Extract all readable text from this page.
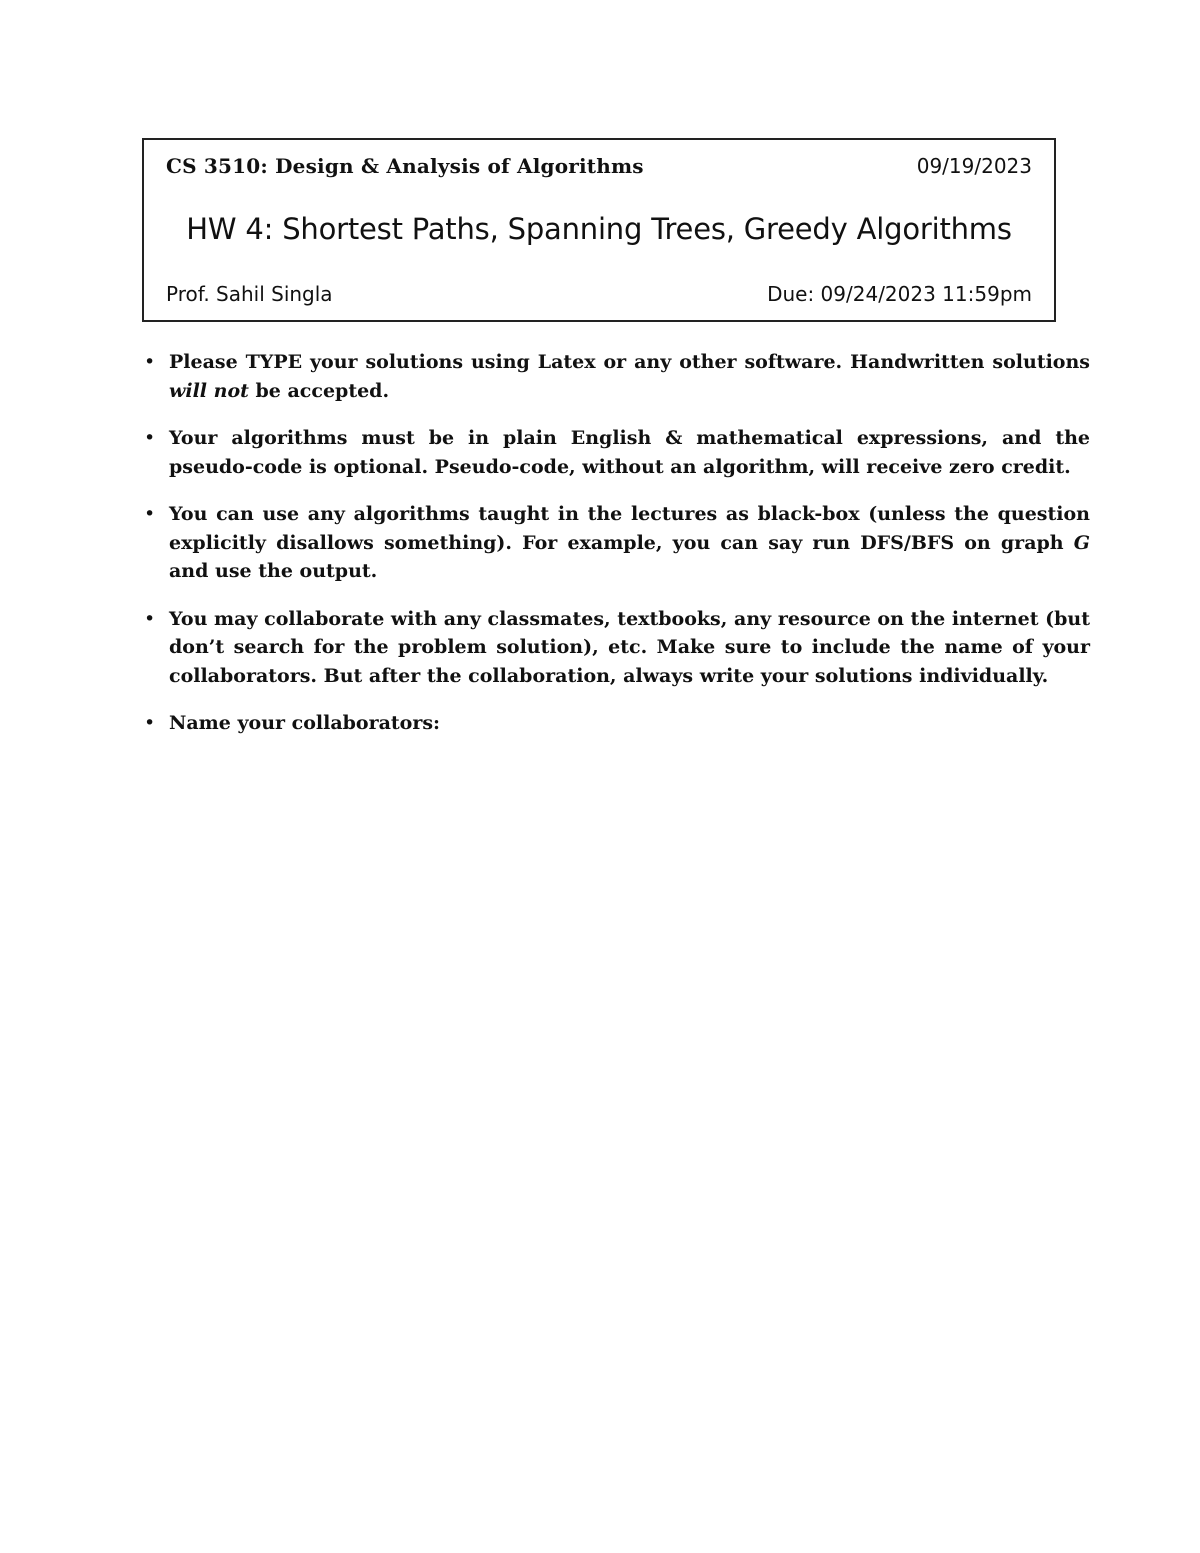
CS 3510: Design & Analysis of Algorithms	09/19/2023
HW 4: Shortest Paths, Spanning Trees, Greedy Algorithms
Prof. Sahil Singla	Due: 09/24/2023 11:59pm
• Please TYPE your solutions using Latex or any other software. Handwritten solutions will not be accepted.
• Your algorithms must be in plain English & mathematical expressions, and the pseudo-code is optional. Pseudo-code, without an algorithm, will receive zero credit.
• You can use any algorithms taught in the lectures as black-box (unless the question explicitly disallows something). For example, you can say run DFS/BFS on graph G and use the output.
• You may collaborate with any classmates, textbooks, any resource on the internet (but don’t search for the problem solution), etc. Make sure to include the name of your collaborators. But after the collaboration, always write your solutions individually.
• Name your collaborators:
